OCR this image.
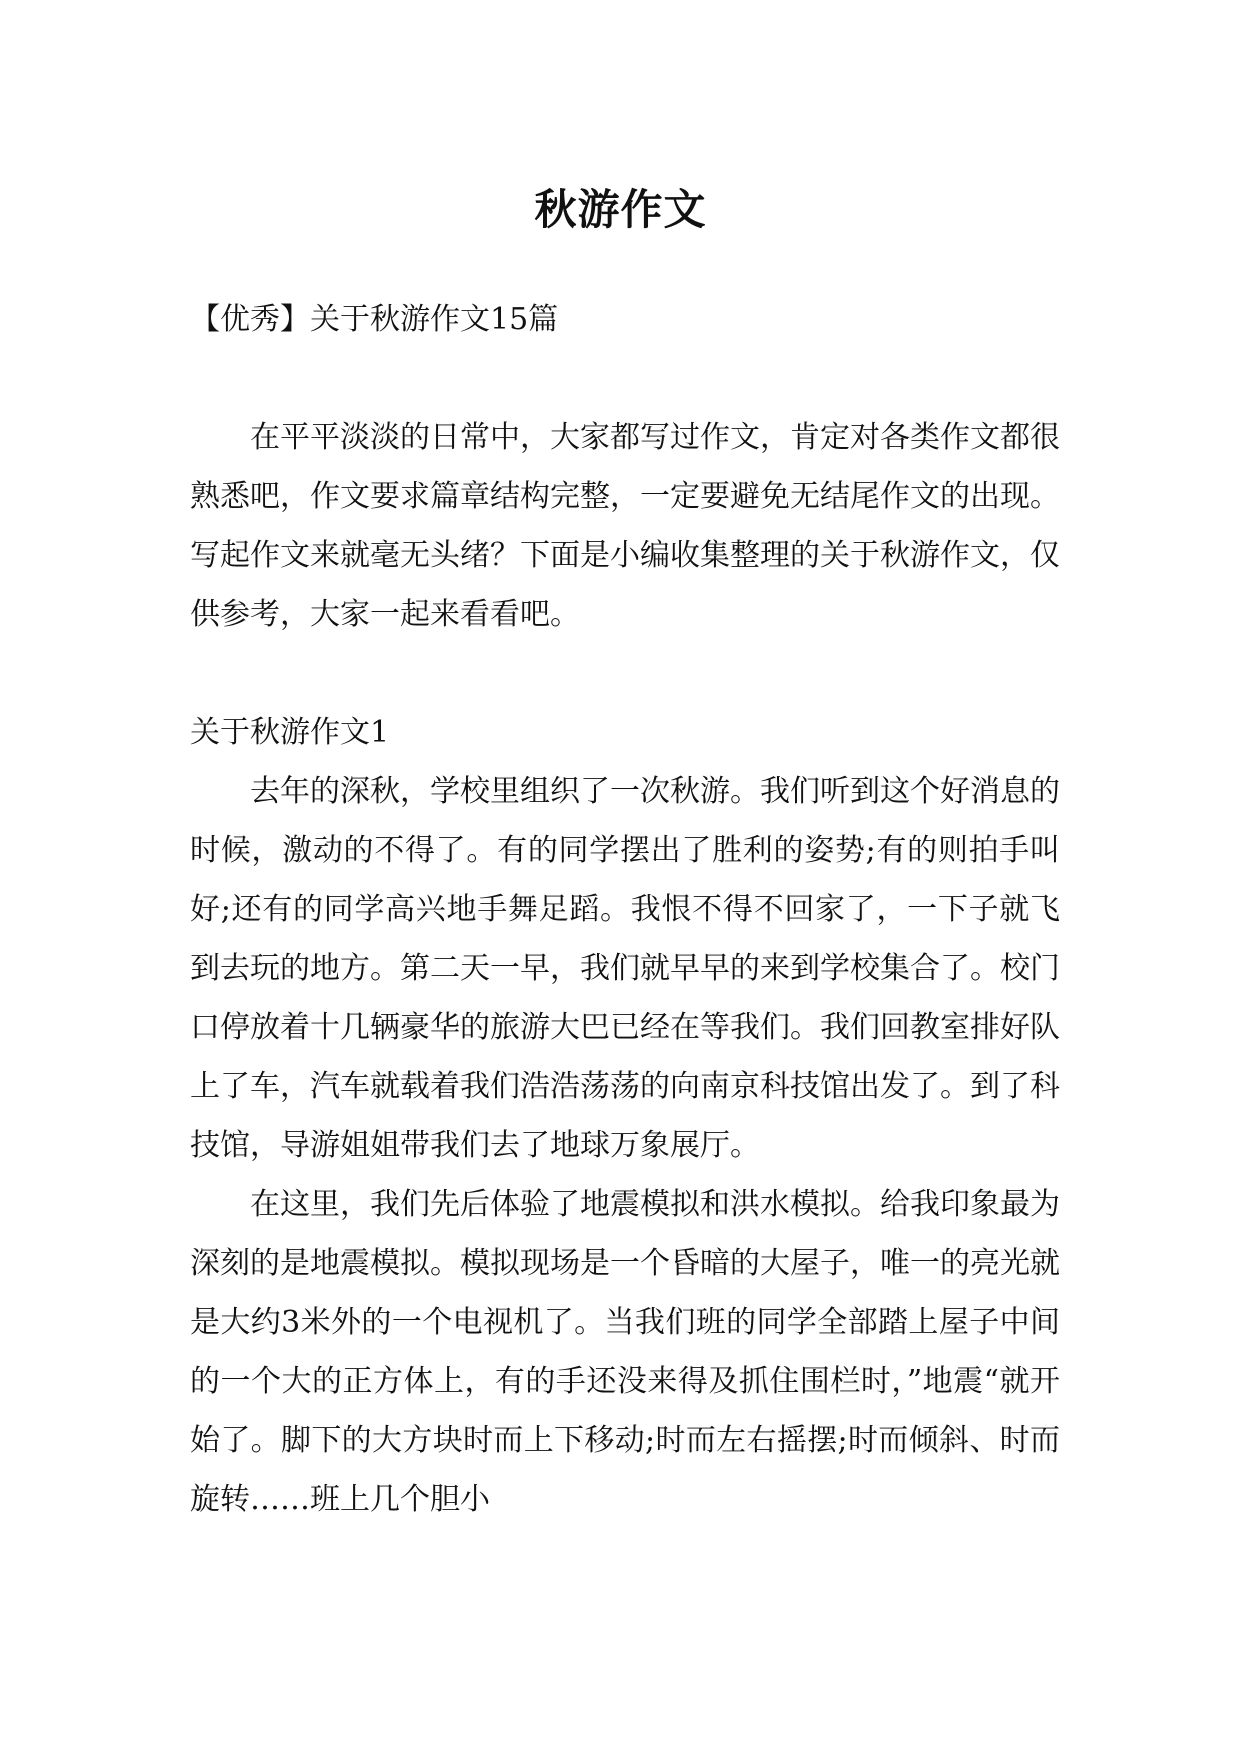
秋游作文

【优秀】关于秋游作文15篇

在平平淡淡的日常中，大家都写过作文，肯定对各类作文都很熟悉吧，作文要求篇章结构完整，一定要避免无结尾作文的出现。写起作文来就毫无头绪？下面是小编收集整理的关于秋游作文，仅供参考，大家一起来看看吧。

关于秋游作文1

去年的深秋，学校里组织了一次秋游。我们听到这个好消息的时候，激动的不得了。有的同学摆出了胜利的姿势;有的则拍手叫好;还有的同学高兴地手舞足蹈。我恨不得不回家了，一下子就飞到去玩的地方。第二天一早，我们就早早的来到学校集合了。校门口停放着十几辆豪华的旅游大巴已经在等我们。我们回教室排好队上了车，汽车就载着我们浩浩荡荡的向南京科技馆出发了。到了科技馆，导游姐姐带我们去了地球万象展厅。

在这里，我们先后体验了地震模拟和洪水模拟。给我印象最为深刻的是地震模拟。模拟现场是一个昏暗的大屋子，唯一的亮光就是大约3米外的一个电视机了。当我们班的同学全部踏上屋子中间的一个大的正方体上，有的手还没来得及抓住围栏时，”地震“就开始了。脚下的大方块时而上下移动;时而左右摇摆;时而倾斜、时而旋转……班上几个胆小
